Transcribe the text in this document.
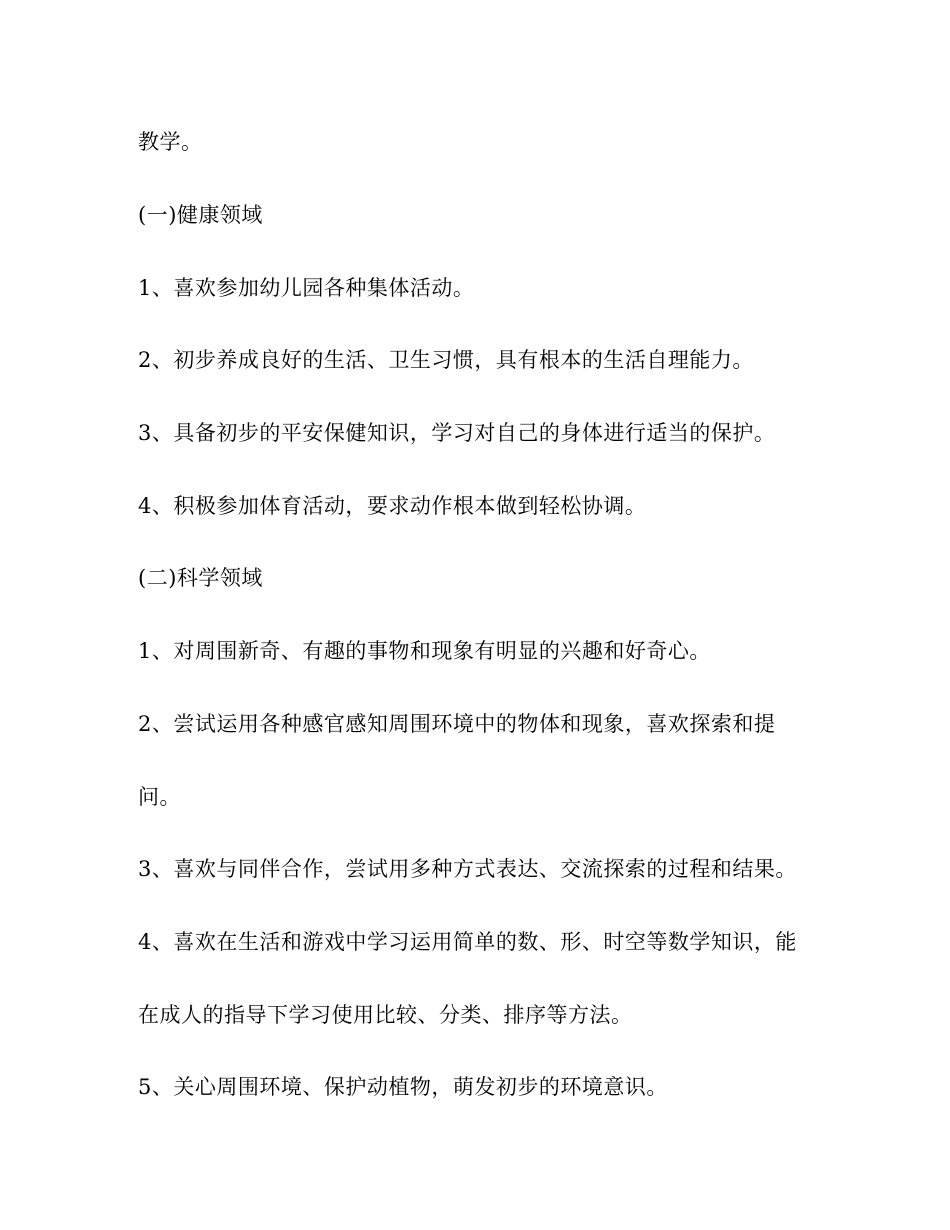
教学。
(一)健康领域
1、喜欢参加幼儿园各种集体活动。
2、初步养成良好的生活、卫生习惯，具有根本的生活自理能力。
3、具备初步的平安保健知识，学习对自己的身体进行适当的保护。
4、积极参加体育活动，要求动作根本做到轻松协调。
(二)科学领域
1、对周围新奇、有趣的事物和现象有明显的兴趣和好奇心。
2、尝试运用各种感官感知周围环境中的物体和现象，喜欢探索和提
问。
3、喜欢与同伴合作，尝试用多种方式表达、交流探索的过程和结果。
4、喜欢在生活和游戏中学习运用简单的数、形、时空等数学知识，能
在成人的指导下学习使用比较、分类、排序等方法。
5、关心周围环境、保护动植物，萌发初步的环境意识。
